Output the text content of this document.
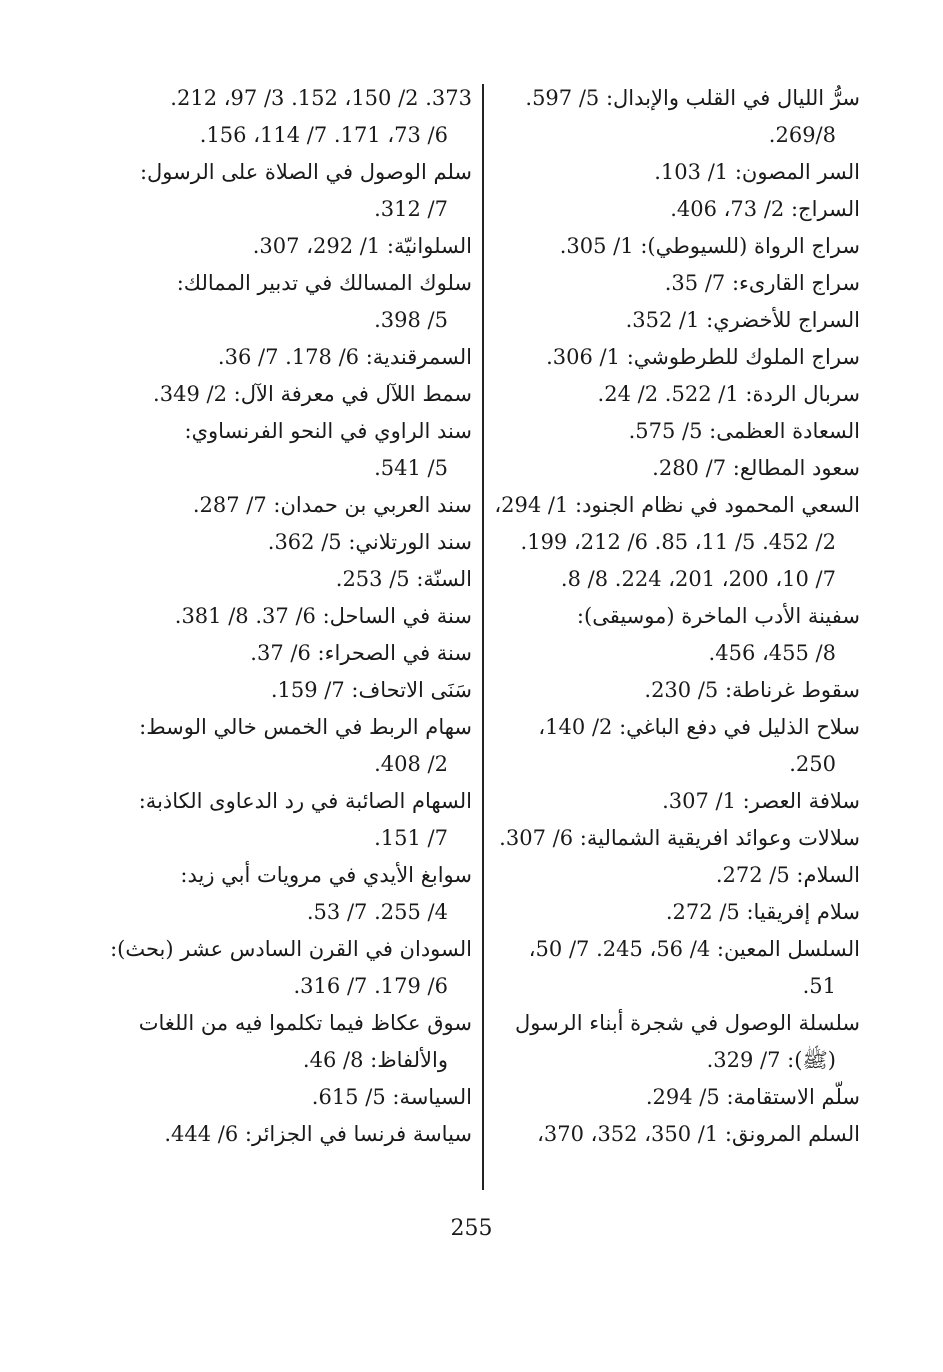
سرُّ الليال في القلب والإبدال: 5/ 597.
269/8.

السر المصون: 1/ 103.

السراج: 2/ 73، 406.

سراج الرواة (للسيوطي): 1/ 305.

سراج القارىء: 7/ 35.

السراج للأخضري: 1/ 352.

سراج الملوك للطرطوشي: 1/ 306.

سربال الردة: 1/ 522. 2/ 24.

السعادة العظمى: 5/ 575.

سعود المطالع: 7/ 280.

السعي المحمود في نظام الجنود: 1/ 294،
2/ 452. 5/ 11، 85. 6/ 212، 199.
7/ 10، 200، 201، 224. 8/ 8.

سفينة الأدب الماخرة (موسيقى):
8/ 455، 456.

سقوط غرناطة: 5/ 230.

سلاح الذليل في دفع الباغي: 2/ 140،
250.

سلافة العصر: 1/ 307.

سلالات وعوائد افريقية الشمالية: 6/ 307.

السلام: 5/ 272.

سلام إفريقيا: 5/ 272.

السلسل المعين: 4/ 56، 245. 7/ 50،
51.

سلسلة الوصول في شجرة أبناء الرسول
(ﷺ): 7/ 329.

سلّم الاستقامة: 5/ 294.

السلم المرونق: 1/ 350، 352، 370،

373. 2/ 150، 152. 3/ 97، 212.
6/ 73، 171. 7/ 114، 156.

سلم الوصول في الصلاة على الرسول:
7/ 312.

السلوانيّة: 1/ 292، 307.

سلوك المسالك في تدبير الممالك:
5/ 398.

السمرقندية: 6/ 178. 7/ 36.

سمط اللآل في معرفة الآل: 2/ 349.

سند الراوي في النحو الفرنساوي:
5/ 541.

سند العربي بن حمدان: 7/ 287.

سند الورتلاني: 5/ 362.

السنّة: 5/ 253.

سنة في الساحل: 6/ 37. 8/ 381.

سنة في الصحراء: 6/ 37.

سَنَى الاتحاف: 7/ 159.

سهام الربط في الخمس خالي الوسط:
2/ 408.

السهام الصائبة في رد الدعاوى الكاذبة:
7/ 151.

سوابغ الأيدي في مرويات أبي زيد:
4/ 255. 7/ 53.

السودان في القرن السادس عشر (بحث):
6/ 179. 7/ 316.

سوق عكاظ فيما تكلموا فيه من اللغات
والألفاظ: 8/ 46.

السياسة: 5/ 615.

سياسة فرنسا في الجزائر: 6/ 444.

255
